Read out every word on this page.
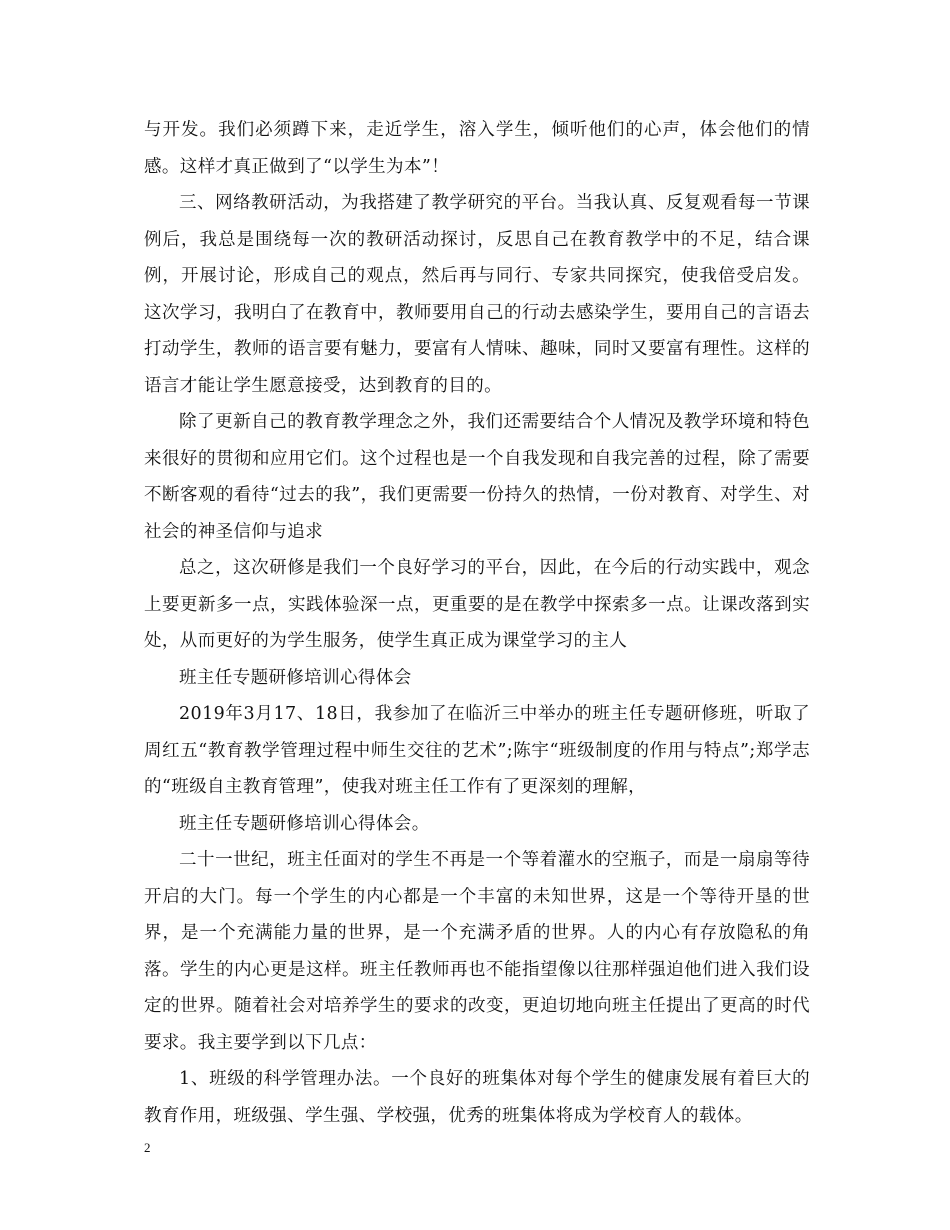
与开发。我们必须蹲下来，走近学生，溶入学生，倾听他们的心声，体会他们的情感。这样才真正做到了“以学生为本”！

三、网络教研活动，为我搭建了教学研究的平台。当我认真、反复观看每一节课例后，我总是围绕每一次的教研活动探讨，反思自己在教育教学中的不足，结合课例，开展讨论，形成自己的观点，然后再与同行、专家共同探究，使我倍受启发。 这次学习，我明白了在教育中，教师要用自己的行动去感染学生，要用自己的言语去打动学生，教师的语言要有魅力，要富有人情味、趣味，同时又要富有理性。这样的语言才能让学生愿意接受，达到教育的目的。

除了更新自己的教育教学理念之外，我们还需要结合个人情况及教学环境和特色来很好的贯彻和应用它们。这个过程也是一个自我发现和自我完善的过程，除了需要不断客观的看待“过去的我”，我们更需要一份持久的热情，一份对教育、对学生、对社会的神圣信仰与追求

总之，这次研修是我们一个良好学习的平台，因此，在今后的行动实践中，观念上要更新多一点，实践体验深一点，更重要的是在教学中探索多一点。让课改落到实处，从而更好的为学生服务，使学生真正成为课堂学习的主人

班主任专题研修培训心得体会

2019年3月17、18日，我参加了在临沂三中举办的班主任专题研修班，听取了周红五“教育教学管理过程中师生交往的艺术”;陈宇“班级制度的作用与特点”;郑学志的“班级自主教育管理”，使我对班主任工作有了更深刻的理解，

班主任专题研修培训心得体会。

二十一世纪，班主任面对的学生不再是一个等着灌水的空瓶子，而是一扇扇等待开启的大门。每一个学生的内心都是一个丰富的未知世界，这是一个等待开垦的世界，是一个充满能力量的世界，是一个充满矛盾的世界。人的内心有存放隐私的角落。学生的内心更是这样。班主任教师再也不能指望像以往那样强迫他们进入我们设定的世界。随着社会对培养学生的要求的改变，更迫切地向班主任提出了更高的时代要求。我主要学到以下几点：

1、班级的科学管理办法。一个良好的班集体对每个学生的健康发展有着巨大的教育作用，班级强、学生强、学校强，优秀的班集体将成为学校育人的载体。

2
